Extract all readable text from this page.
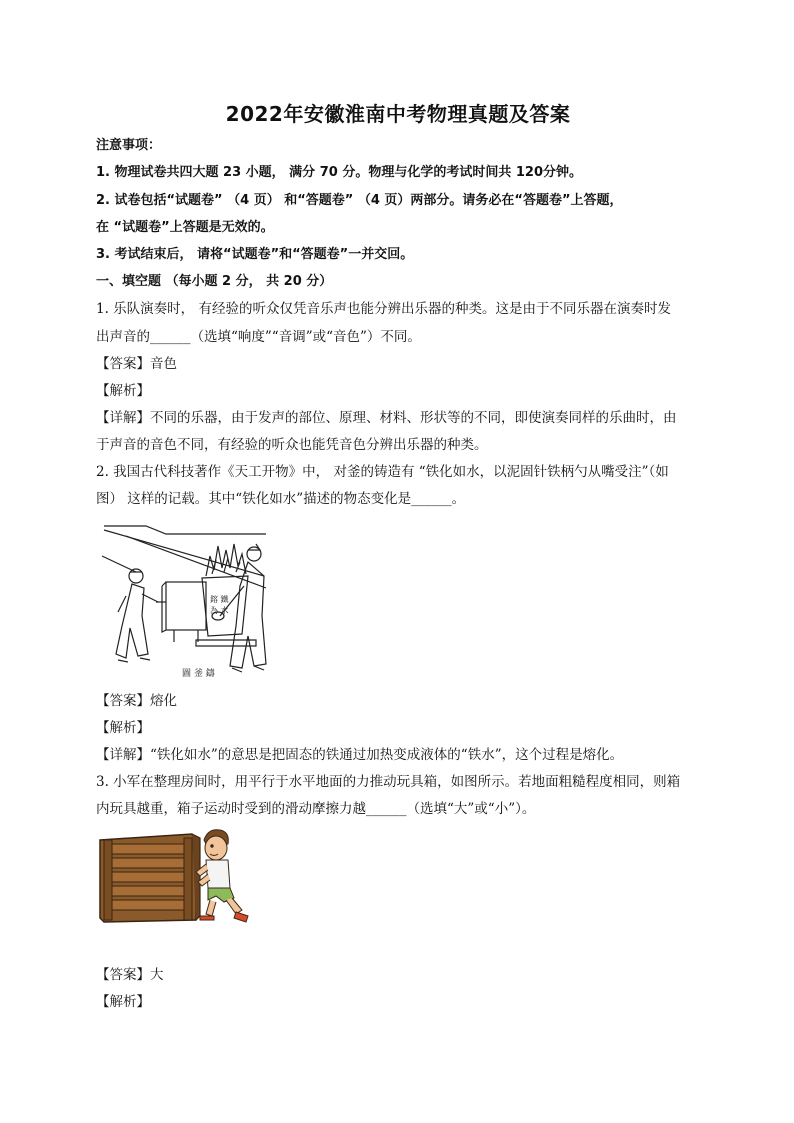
2022年安徽淮南中考物理真题及答案
注意事项：
1. 物理试卷共四大题 23 小题， 满分 70 分。物理与化学的考试时间共 120分钟。
2. 试卷包括“试题卷” （4 页） 和“答题卷” （4 页）两部分。请务必在“答题卷”上答题，
在 “试题卷”上答题是无效的。
3. 考试结束后， 请将“试题卷”和“答题卷”一并交回。
一、填空题 （每小题 2 分， 共 20 分）
1. 乐队演奏时， 有经验的听众仅凭音乐声也能分辨出乐器的种类。这是由于不同乐器在演奏时发
出声音的______（选填“响度”“音调”或“音色”）不同。
【答案】音色
【解析】
【详解】不同的乐器，由于发声的部位、原理、材料、形状等的不同，即使演奏同样的乐曲时，由
于声音的音色不同，有经验的听众也能凭音色分辨出乐器的种类。
2. 我国古代科技著作《天工开物》中， 对釜的铸造有 “铁化如水，以泥固针铁柄勺从嘴受注”（如
图） 这样的记载。其中“铁化如水”描述的物态变化是______。
鎔 鐵為 水
圖 釜 鑄
【答案】熔化
【解析】
【详解】“铁化如水”的意思是把固态的铁通过加热变成液体的“铁水”，这个过程是熔化。
3. 小军在整理房间时，用平行于水平地面的力推动玩具箱，如图所示。若地面粗糙程度相同，则箱
内玩具越重，箱子运动时受到的滑动摩擦力越______（选填“大”或“小”）。
【答案】大
【解析】
